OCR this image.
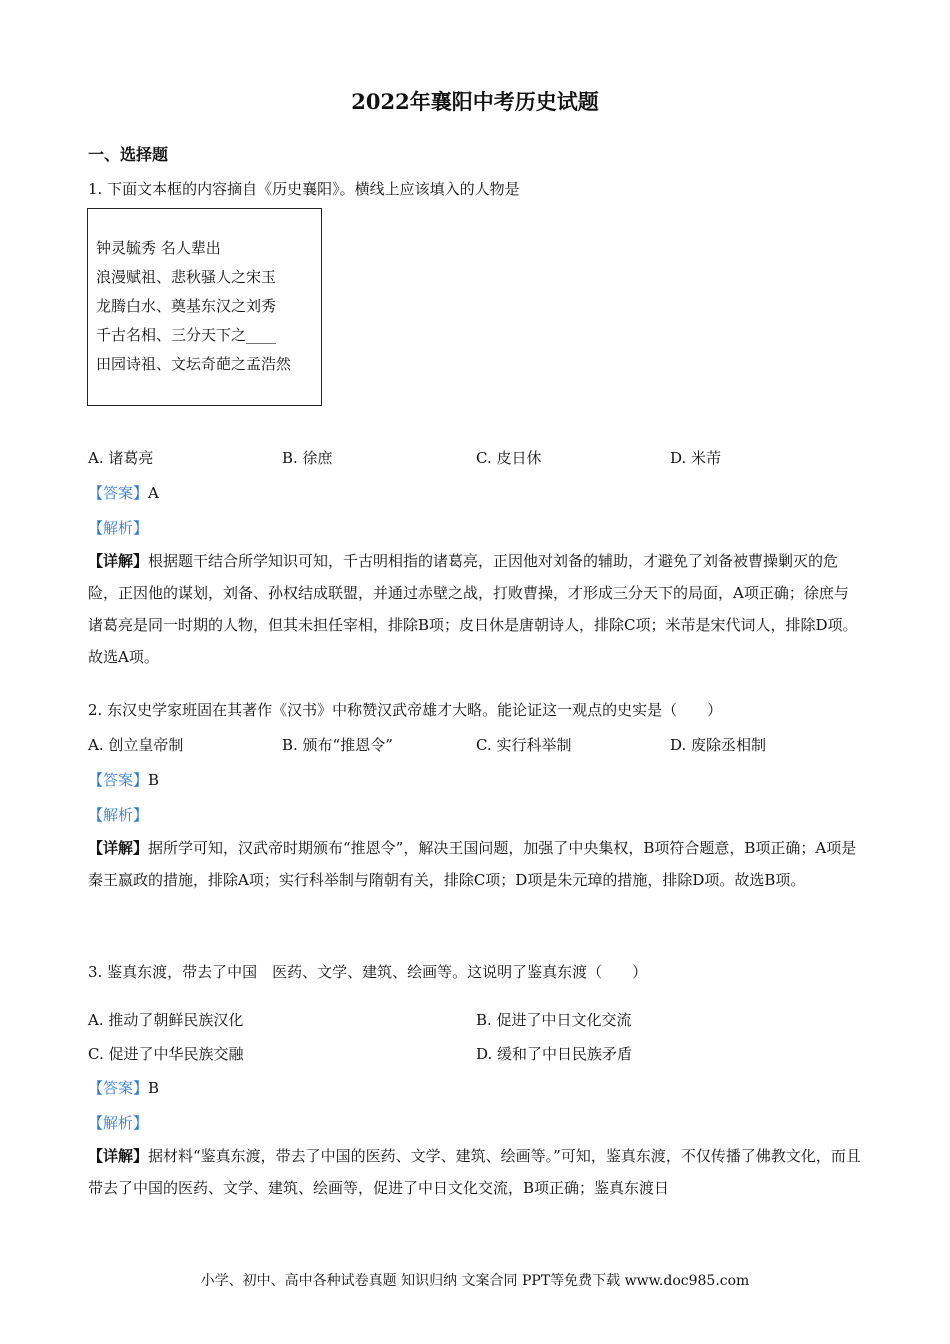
2022年襄阳中考历史试题
一、选择题
1. 下面文本框的内容摘自《历史襄阳》。横线上应该填入的人物是
钟灵毓秀 名人辈出
浪漫赋祖、悲秋骚人之宋玉
龙腾白水、奠基东汉之刘秀
千古名相、三分天下之____
田园诗祖、文坛奇葩之孟浩然
A. 诸葛亮	B. 徐庶	C. 皮日休	D. 米芾
【答案】A
【解析】
【详解】根据题干结合所学知识可知，千古明相指的诸葛亮，正因他对刘备的辅助，才避免了刘备被曹操剿灭的危险，正因他的谋划，刘备、孙权结成联盟，并通过赤壁之战，打败曹操，才形成三分天下的局面，A项正确；徐庶与诸葛亮是同一时期的人物，但其未担任宰相，排除B项；皮日休是唐朝诗人，排除C项；米芾是宋代词人，排除D项。故选A项。
2. 东汉史学家班固在其著作《汉书》中称赞汉武帝雄才大略。能论证这一观点的史实是（　　）
A. 创立皇帝制	B. 颁布“推恩令”	C. 实行科举制	D. 废除丞相制
【答案】B
【解析】
【详解】据所学可知，汉武帝时期颁布“推恩令”，解决王国问题，加强了中央集权，B项符合题意，B项正确；A项是秦王嬴政的措施，排除A项；实行科举制与隋朝有关，排除C项；D项是朱元璋的措施，排除D项。故选B项。
3. 鉴真东渡，带去了中国　医药、文学、建筑、绘画等。这说明了鉴真东渡（　　）
A. 推动了朝鲜民族汉化	B. 促进了中日文化交流
C. 促进了中华民族交融	D. 缓和了中日民族矛盾
【答案】B
【解析】
【详解】据材料“鉴真东渡，带去了中国的医药、文学、建筑、绘画等。”可知，鉴真东渡，不仅传播了佛教文化，而且带去了中国的医药、文学、建筑、绘画等，促进了中日文化交流，B项正确；鉴真东渡日
小学、初中、高中各种试卷真题 知识归纳 文案合同 PPT等免费下载 www.doc985.com
